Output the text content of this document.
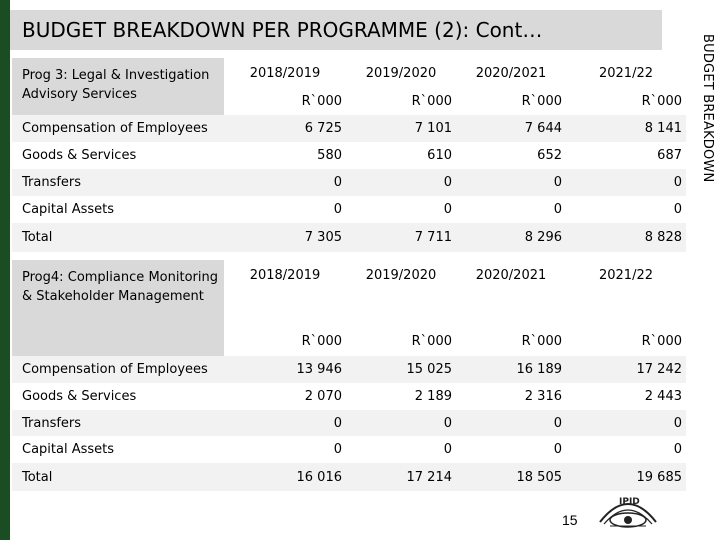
BUDGET BREAKDOWN PER PROGRAMME (2): Cont…
BUDGET BREAKDOWN
Prog 3: Legal & Investigation Advisory Services	2018/2019	2019/2020	2020/2021	2021/22
	R`000	R`000	R`000	R`000
Compensation of Employees	6 725	7 101	7 644	8 141
Goods & Services	580	610	652	687
Transfers	0	0	0	0
Capital Assets	0	0	0	0
Total	7 305	7 711	8 296	8 828
Prog4: Compliance Monitoring & Stakeholder Management	2018/2019	2019/2020	2020/2021	2021/22
	R`000	R`000	R`000	R`000
Compensation of Employees	13 946	15 025	16 189	17 242
Goods & Services	2 070	2 189	2 316	2 443
Transfers	0	0	0	0
Capital Assets	0	0	0	0
Total	16 016	17 214	18 505	19 685
15
IPID
